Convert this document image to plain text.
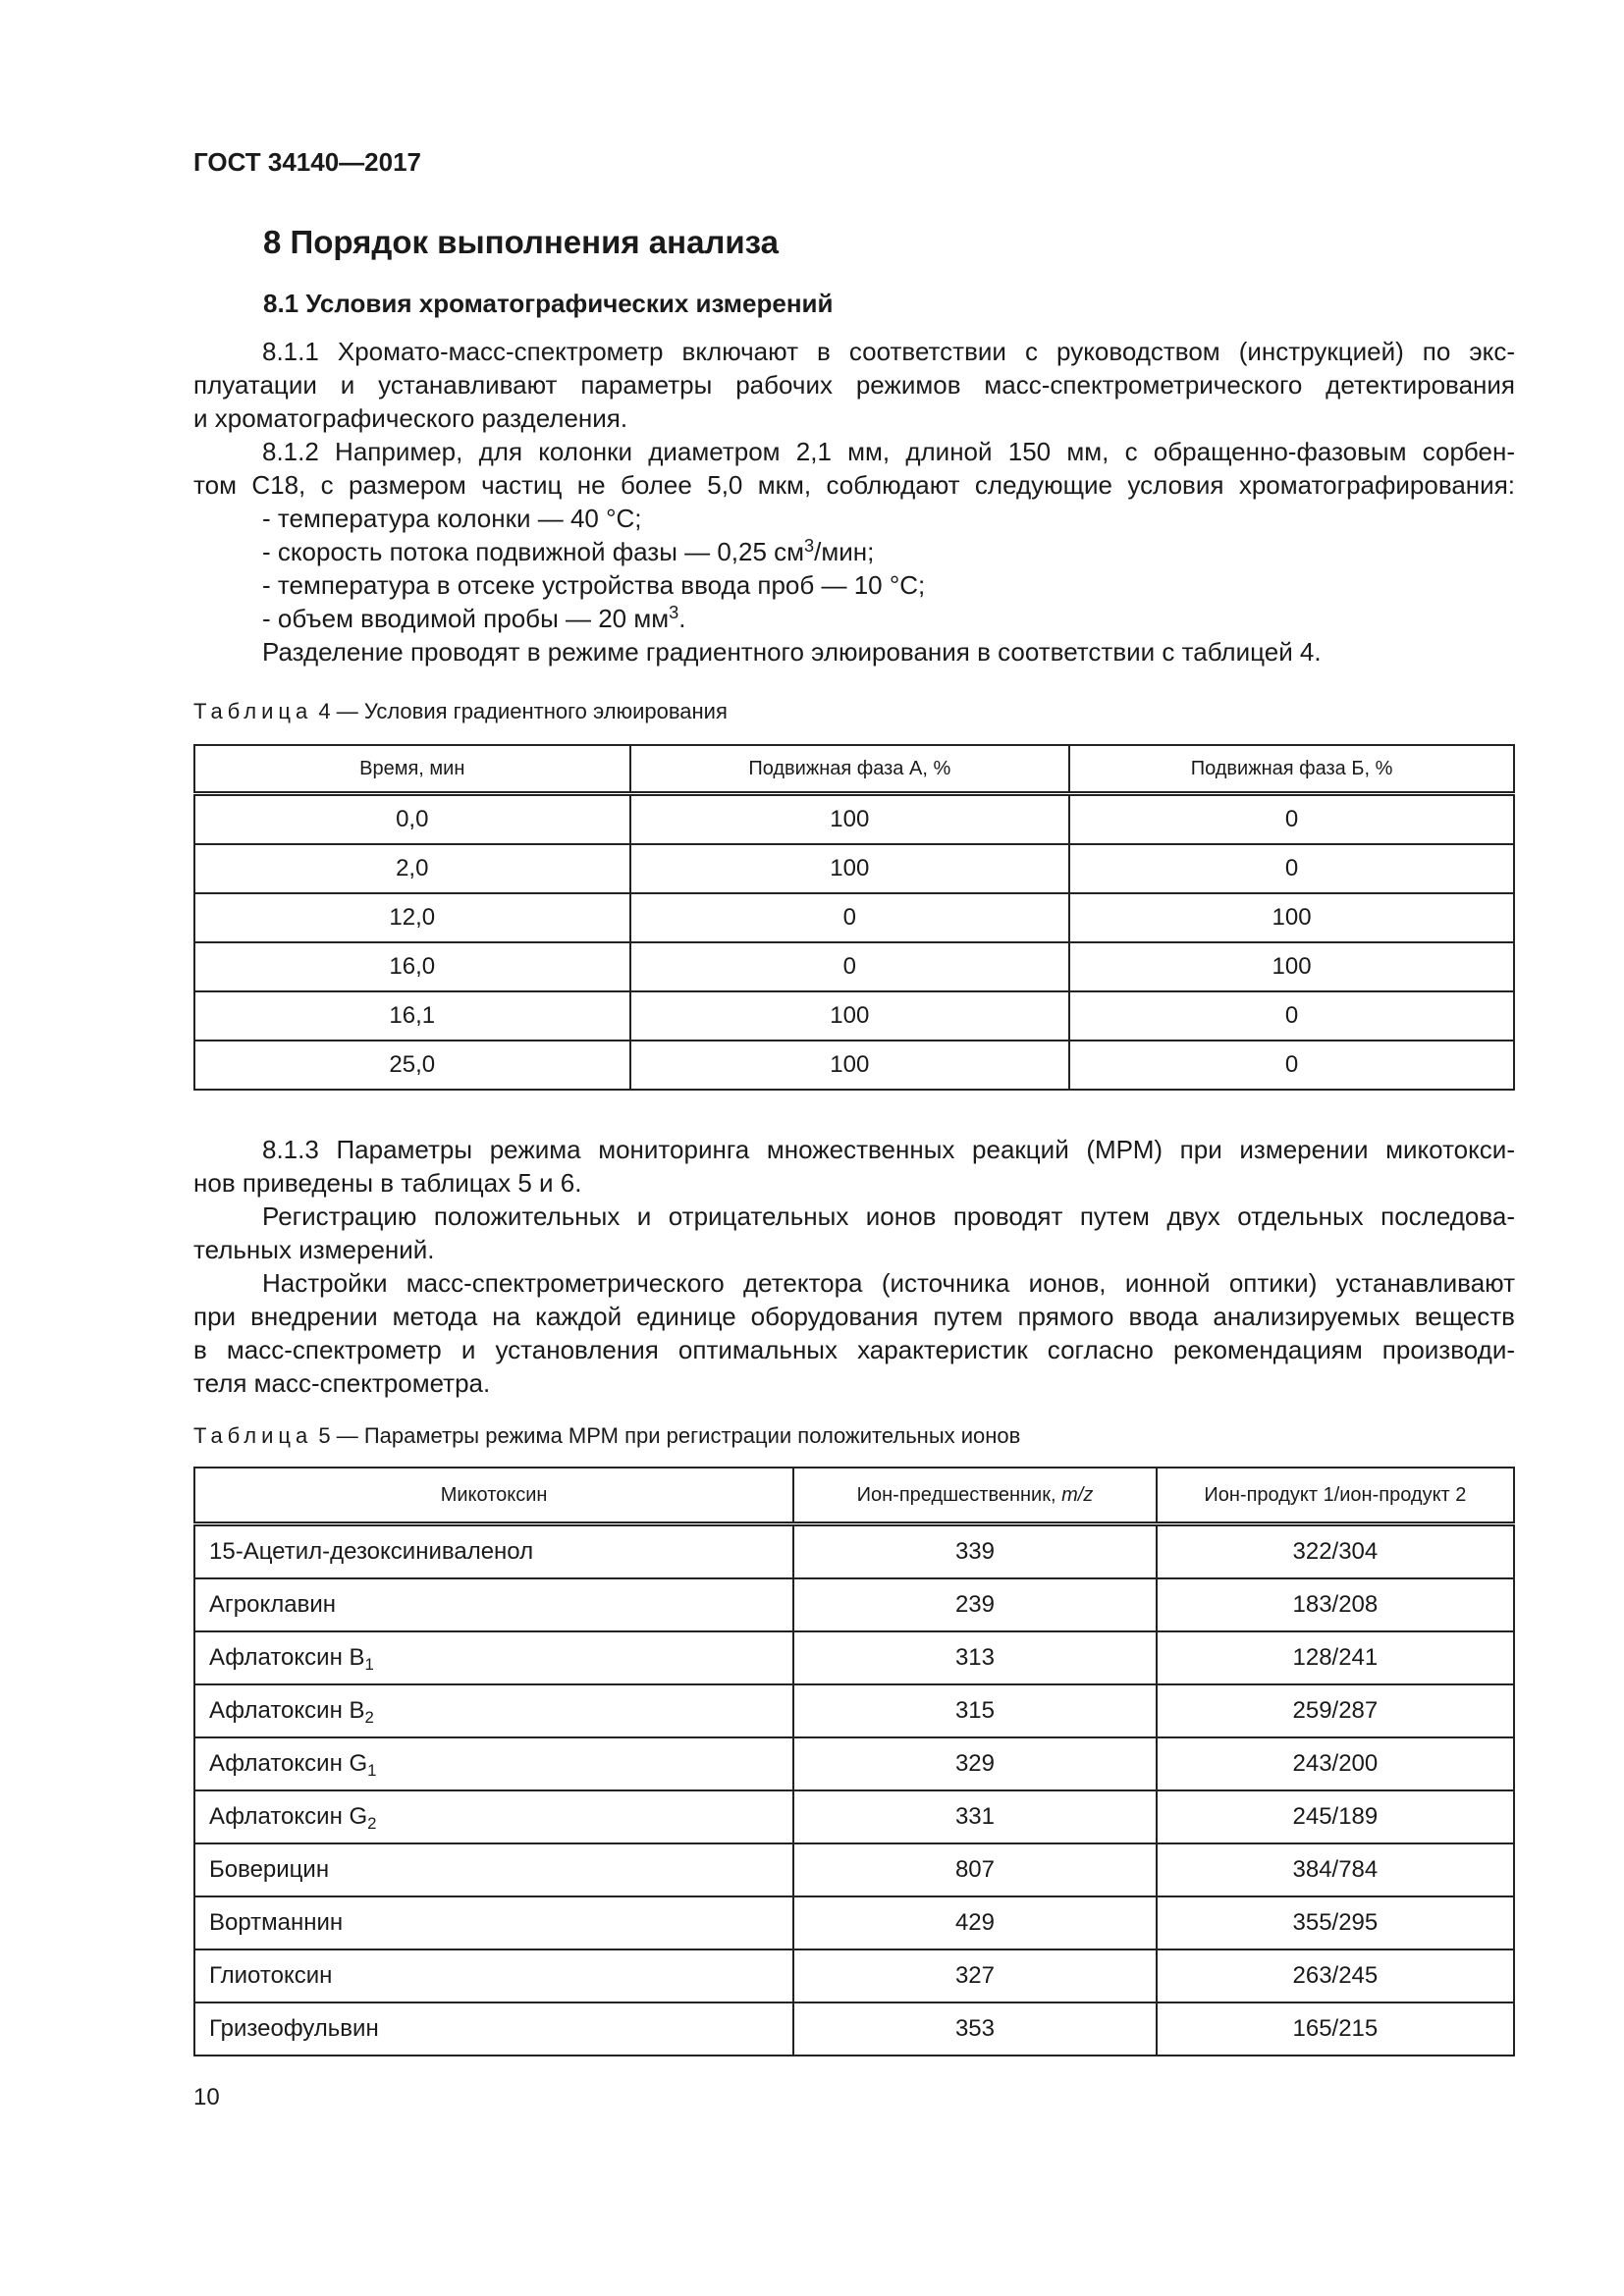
ГОСТ 34140—2017
8 Порядок выполнения анализа
8.1 Условия хроматографических измерений
8.1.1 Хромато-масс-спектрометр включают в соответствии с руководством (инструкцией) по экс-
плуатации и устанавливают параметры рабочих режимов масс-спектрометрического детектирования
и хроматографического разделения.
8.1.2 Например, для колонки диаметром 2,1 мм, длиной 150 мм, с обращенно-фазовым сорбен-
том C18, с размером частиц не более 5,0 мкм, соблюдают следующие условия хроматографирования:
- температура колонки — 40 °C;
- скорость потока подвижной фазы — 0,25 $см^3$/мин;
- температура в отсеке устройства ввода проб — 10 °C;
- объем вводимой пробы — 20 $мм^3$.
Разделение проводят в режиме градиентного элюирования в соответствии с таблицей 4.
Таблица 4 — Условия градиентного элюирования
Время, мин	Подвижная фаза А, %	Подвижная фаза Б, %
0,0	100	0
2,0	100	0
12,0	0	100
16,0	0	100
16,1	100	0
25,0	100	0
8.1.3 Параметры режима мониторинга множественных реакций (МРМ) при измерении микотокси-
нов приведены в таблицах 5 и 6.
Регистрацию положительных и отрицательных ионов проводят путем двух отдельных последова-
тельных измерений.
Настройки масс-спектрометрического детектора (источника ионов, ионной оптики) устанавливают
при внедрении метода на каждой единице оборудования путем прямого ввода анализируемых веществ
в масс-спектрометр и установления оптимальных характеристик согласно рекомендациям производи-
теля масс-спектрометра.
Таблица 5 — Параметры режима МРМ при регистрации положительных ионов
Микотоксин	Ион-предшественник, m/z	Ион-продукт 1/ион-продукт 2
15-Ацетил-дезоксиниваленол	339	322/304
Агроклавин	239	183/208
Афлатоксин $B_1$	313	128/241
Афлатоксин $B_2$	315	259/287
Афлатоксин $G_1$	329	243/200
Афлатоксин $G_2$	331	245/189
Боверицин	807	384/784
Вортманнин	429	355/295
Глиотоксин	327	263/245
Гризеофульвин	353	165/215
10
